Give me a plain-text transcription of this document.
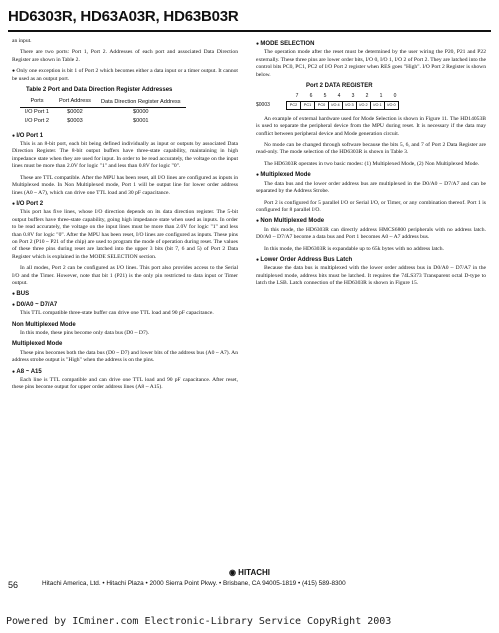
HD6303R, HD63A03R, HD63B03R

an input.

There are two ports: Port 1, Port 2. Addresses of each port and associated Data Direction Register are shown in Table 2.

● Only one exception is bit 1 of Port 2 which becomes either a data input or a timer output. It cannot be used as an output port.

Table 2 Port and Data Direction Register Addresses
Ports	Port Address	Data Direction Register Address
I/O Port 1	$0002	$0000
I/O Port 2	$0003	$0001
● I/O Port 1

This is an 8-bit port, each bit being defined individually as input or outputs by associated Data Direction Register. The 8-bit output buffers have three-state capability, maintaining in high impedance state when they are used for input. In order to be read accurately, the voltage on the input lines must be more than 2.0V for logic "1" and less than 0.8V for logic "0".

These are TTL compatible. After the MPU has been reset, all I/O lines are configured as inputs in Multiplexed mode. In Non Multiplexed mode, Port 1 will be output line for lower order address lines (A0 ~ A7), which can drive one TTL load and 30 pF capacitance.

● I/O Port 2

This port has five lines, whose I/O direction depends on its data direction register. The 5-bit output buffers have three-state capability, going high impedance state when used as inputs. In order to be read accurately, the voltage on the input lines must be more than 2.0V for logic "1" and less than 0.8V for logic "0". After the MPU has been reset, I/O lines are configured as inputs. These pins on Port 2 (P10 ~ P21 of the chip) are used to program the mode of operation during reset. The values of these three pins during reset are latched into the upper 3 bits (bit 7, 6 and 5) of Port 2 Data Register which is explained in the MODE SELECTION section.

In all modes, Port 2 can be configured as I/O lines. This port also provides access to the Serial I/O and the Timer. However, note that bit 1 (P21) is the only pin restricted to data input or Timer output.

● BUS
● D0/A0 ~ D7/A7

This TTL compatible three-state buffer can drive one TTL load and 90 pF capacitance.

Non Multiplexed Mode

In this mode, these pins become only data bus (D0 ~ D7).

Multiplexed Mode

These pins becomes both the data bus (D0 ~ D7) and lower bits of the address bus (A0 ~ A7). An address strobe output is "High" when the address is on the pins.

● A8 ~ A15

Each line is TTL compatible and can drive one TTL load and 90 pF capacitance. After reset, these pins become output for upper order address lines (A8 ~ A15).

● MODE SELECTION

The operation mode after the reset must be determined by the user wiring the P20, P21 and P22 externally. These three pins are lower order bits, I/O 0, I/O 1, I/O 2 of Port 2. They are latched into the control bits PC0, PC1, PC2 of I/O Port 2 register when RES goes "High". I/O Port 2 Register is shown below.

Port 2 DATA REGISTER
7	6	5	4	3	2	1	0
$0003	PC2	PC1	PC0	I/O 4	I/O 3	I/O 2	I/O 1	I/O 0

An example of external hardware used for Mode Selection is shown in Figure 11. The HD14053B is used to separate the peripheral device from the MPU during reset. It is necessary if the data may conflict between peripheral device and Mode generation circuit.

No mode can be changed through software because the bits 5, 6, and 7 of Port 2 Data Register are read-only. The mode selection of the HD6303R is shown in Table 3.

The HD6303R operates in two basic modes: (1) Multiplexed Mode, (2) Non Multiplexed Mode.

● Multiplexed Mode

The data bus and the lower order address bus are multiplexed in the D0/A0 ~ D7/A7 and can be separated by the Address Strobe.

Port 2 is configured for 5 parallel I/O or Serial I/O, or Timer, or any combination thereof. Port 1 is configured for 8 parallel I/O.

● Non Multiplexed Mode

In this mode, the HD6303R can directly address HMCS6800 peripherals with no address latch. D0/A0 ~ D7/A7 become a data bus and Port 1 becomes A0 ~ A7 address bus.

In this mode, the HD6303R is expandable up to 65k bytes with no address latch.

● Lower Order Address Bus Latch

Because the data bus is multiplexed with the lower order address bus in D0/A0 ~ D7/A7 in the multiplexed mode, address bits must be latched. It requires the 74LS373 Transparent octal D-type to latch the LSB. Latch connection of the HD6303R is shown in Figure 15.

◉ HITACHI
56	Hitachi America, Ltd. • Hitachi Plaza • 2000 Sierra Point Pkwy. • Brisbane, CA 94005-1819 • (415) 589-8300
Powered by ICminer.com Electronic-Library Service CopyRight 2003
